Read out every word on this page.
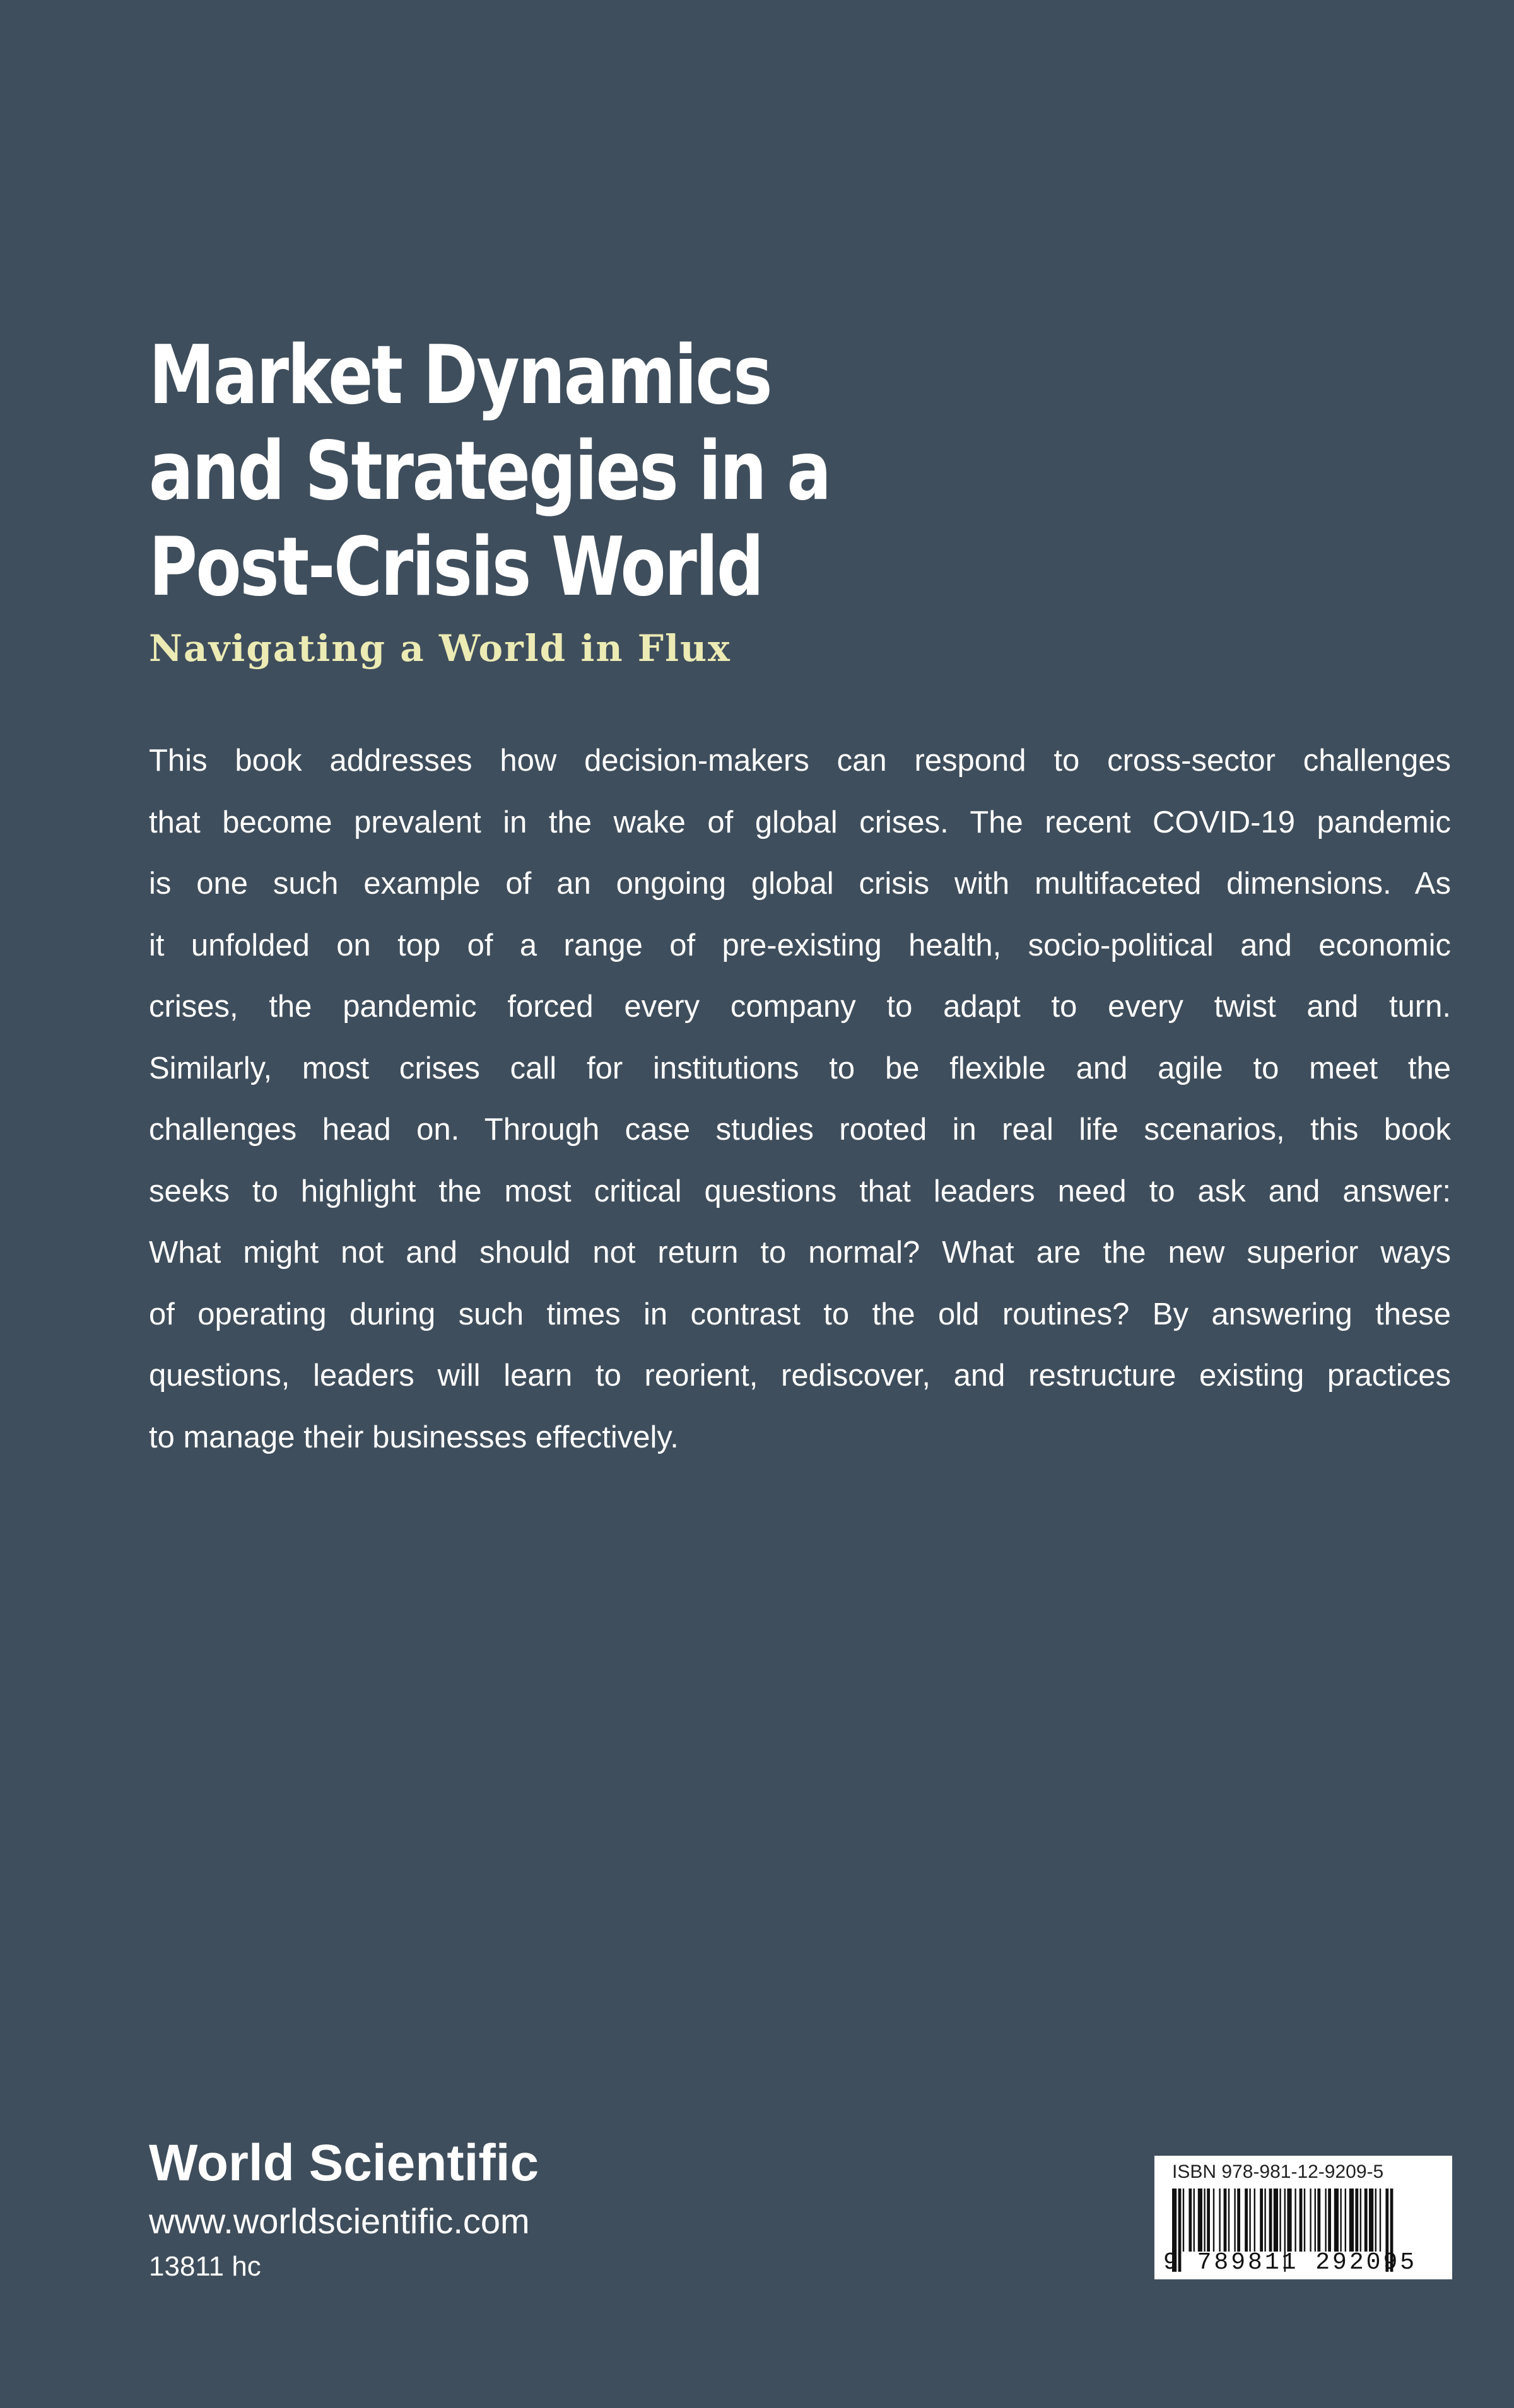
Market Dynamics
and Strategies in a
Post-Crisis World
Navigating a World in Flux
This book addresses how decision-makers can respond to cross-sector challenges
that become prevalent in the wake of global crises. The recent COVID-19 pandemic
is one such example of an ongoing global crisis with multifaceted dimensions. As
it unfolded on top of a range of pre-existing health, socio-political and economic
crises, the pandemic forced every company to adapt to every twist and turn.
Similarly, most crises call for institutions to be flexible and agile to meet the
challenges head on. Through case studies rooted in real life scenarios, this book
seeks to highlight the most critical questions that leaders need to ask and answer:
What might not and should not return to normal? What are the new superior ways
of operating during such times in contrast to the old routines? By answering these
questions, leaders will learn to reorient, rediscover, and restructure existing practices
to manage their businesses effectively.
World Scientific
www.worldscientific.com
13811 hc
ISBN 978-981-12-9209-5
9 789811 292095
